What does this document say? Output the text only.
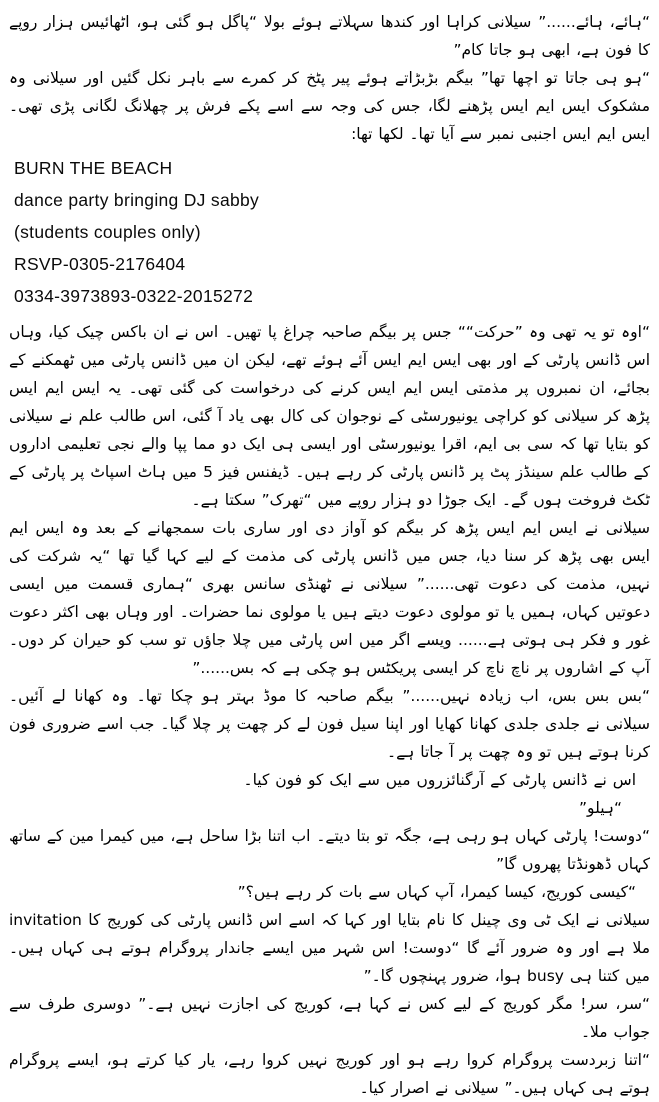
“ہائے، ہائے......” سیلانی کراہا اور کندھا سہلاتے ہوئے بولا “پاگل ہو گئی ہو، اٹھائیس ہزار روپے کا فون ہے، ابھی ہو جاتا کام”

“ہو ہی جاتا تو اچھا تھا” بیگم بڑبڑاتے ہوئے پیر پٹخ کر کمرے سے باہر نکل گئیں اور سیلانی وہ مشکوک ایس ایم ایس پڑھنے لگا، جس کی وجہ سے اسے پکے فرش پر چھلانگ لگانی پڑی تھی۔ ایس ایم ایس اجنبی نمبر سے آیا تھا۔ لکھا تھا:

BURN THE BEACH

dance party bringing DJ sabby

(students couples only)

RSVP-0305-2176404

0334-3973893-0322-2015272

“اوہ تو یہ تھی وہ ”حرکت““ جس پر بیگم صاحبہ چراغ پا تھیں۔ اس نے ان باکس چیک کیا، وہاں اس ڈانس پارٹی کے اور بھی ایس ایم ایس آئے ہوئے تھے، لیکن ان میں ڈانس پارٹی میں ٹھمکنے کے بجائے، ان نمبروں پر مذمتی ایس ایم ایس کرنے کی درخواست کی گئی تھی۔ یہ ایس ایم ایس پڑھ کر سیلانی کو کراچی یونیورسٹی کے نوجوان کی کال بھی یاد آ گئی، اس طالب علم نے سیلانی کو بتایا تھا کہ سی بی ایم، اقرا یونیورسٹی اور ایسی ہی ایک دو مما پپا والے نجی تعلیمی اداروں کے طالب علم سینڈز پٹ پر ڈانس پارٹی کر رہے ہیں۔ ڈیفنس فیز 5 میں ہاٹ اسپاٹ پر پارٹی کے ٹکٹ فروخت ہوں گے۔ ایک جوڑا دو ہزار روپے میں “تھرک” سکتا ہے۔

سیلانی نے ایس ایم ایس پڑھ کر بیگم کو آواز دی اور ساری بات سمجھانے کے بعد وہ ایس ایم ایس بھی پڑھ کر سنا دیا، جس میں ڈانس پارٹی کی مذمت کے لیے کہا گیا تھا “یہ شرکت کی نہیں، مذمت کی دعوت تھی......” سیلانی نے ٹھنڈی سانس بھری “ہماری قسمت میں ایسی دعوتیں کہاں، ہمیں یا تو مولوی دعوت دیتے ہیں یا مولوی نما حضرات۔ اور وہاں بھی اکثر دعوت غور و فکر ہی ہوتی ہے...... ویسے اگر میں اس پارٹی میں چلا جاؤں تو سب کو حیران کر دوں۔ آپ کے اشاروں پر ناچ ناچ کر ایسی پریکٹس ہو چکی ہے کہ بس......”

“بس بس بس، اب زیادہ نہیں......” بیگم صاحبہ کا موڈ بہتر ہو چکا تھا۔ وہ کھانا لے آئیں۔ سیلانی نے جلدی جلدی کھانا کھایا اور اپنا سیل فون لے کر چھت پر چلا گیا۔ جب اسے ضروری فون کرنا ہوتے ہیں تو وہ چھت پر آ جاتا ہے۔

اس نے ڈانس پارٹی کے آرگنائزروں میں سے ایک کو فون کیا۔

“ہیلو”

“دوست! پارٹی کہاں ہو رہی ہے، جگہ تو بتا دیتے۔ اب اتنا بڑا ساحل ہے، میں کیمرا مین کے ساتھ کہاں ڈھونڈتا پھروں گا”

“کیسی کوریج، کیسا کیمرا، آپ کہاں سے بات کر رہے ہیں؟”

سیلانی نے ایک ٹی وی چینل کا نام بتایا اور کہا کہ اسے اس ڈانس پارٹی کی کوریج کا invitation ملا ہے اور وہ ضرور آئے گا “دوست! اس شہر میں ایسے جاندار پروگرام ہوتے ہی کہاں ہیں۔ میں کتنا ہی busy ہوا، ضرور پہنچوں گا۔”

“سر، سر! مگر کوریج کے لیے کس نے کہا ہے، کوریج کی اجازت نہیں ہے۔” دوسری طرف سے جواب ملا۔

“اتنا زبردست پروگرام کروا رہے ہو اور کوریج نہیں کروا رہے، یار کیا کرتے ہو، ایسے پروگرام ہوتے ہی کہاں ہیں۔” سیلانی نے اصرار کیا۔
